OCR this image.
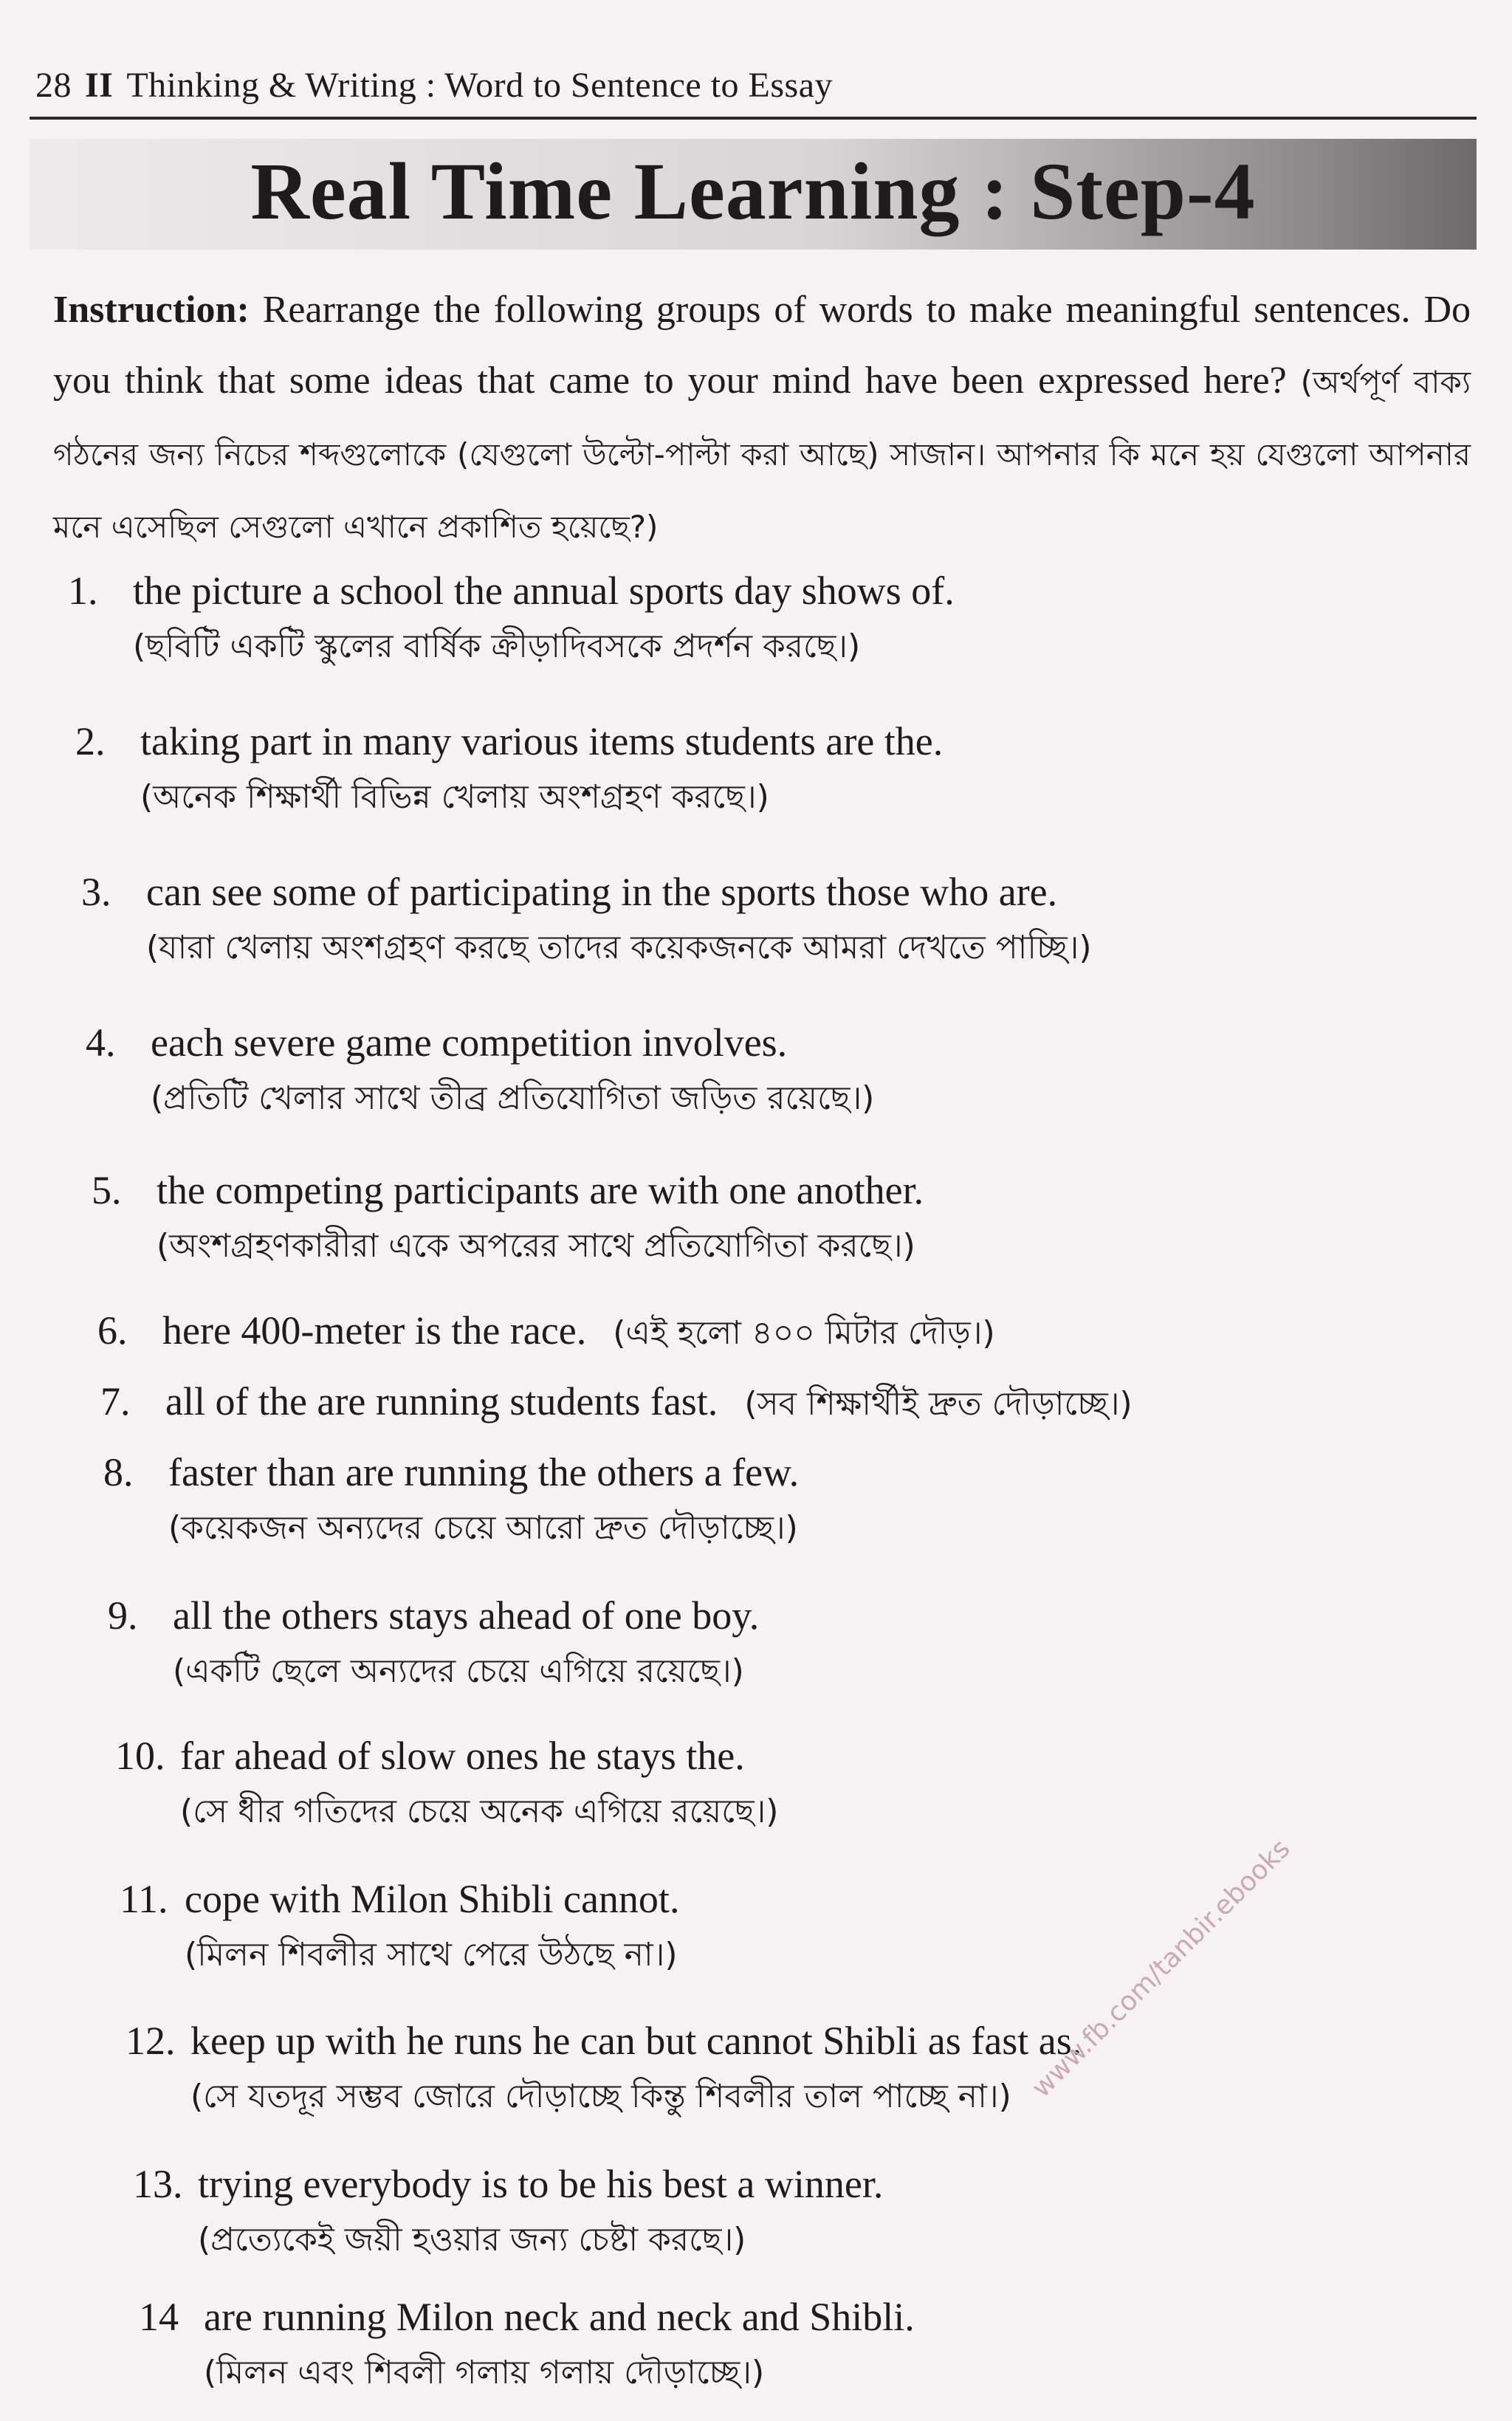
28 II Thinking & Writing : Word to Sentence to Essay
Real Time Learning : Step-4
Instruction: Rearrange the following groups of words to make meaningful sentences. Do you think that some ideas that came to your mind have been expressed here? (অর্থপূর্ণ বাক্য গঠনের জন্য নিচের শব্দগুলোকে (যেগুলো উল্টো-পাল্টা করা আছে) সাজান। আপনার কি মনে হয় যেগুলো আপনার মনে এসেছিল সেগুলো এখানে প্রকাশিত হয়েছে?)
1. the picture a school the annual sports day shows of.
(ছবিটি একটি স্কুলের বার্ষিক ক্রীড়াদিবসকে প্রদর্শন করছে।)
2. taking part in many various items students are the.
(অনেক শিক্ষার্থী বিভিন্ন খেলায় অংশগ্রহণ করছে।)
3. can see some of participating in the sports those who are.
(যারা খেলায় অংশগ্রহণ করছে তাদের কয়েকজনকে আমরা দেখতে পাচ্ছি।)
4. each severe game competition involves.
(প্রতিটি খেলার সাথে তীব্র প্রতিযোগিতা জড়িত রয়েছে।)
5. the competing participants are with one another.
(অংশগ্রহণকারীরা একে অপরের সাথে প্রতিযোগিতা করছে।)
6. here 400-meter is the race. (এই হলো ৪০০ মিটার দৌড়।)
7. all of the are running students fast. (সব শিক্ষার্থীই দ্রুত দৌড়াচ্ছে।)
8. faster than are running the others a few.
(কয়েকজন অন্যদের চেয়ে আরো দ্রুত দৌড়াচ্ছে।)
9. all the others stays ahead of one boy.
(একটি ছেলে অন্যদের চেয়ে এগিয়ে রয়েছে।)
10. far ahead of slow ones he stays the.
(সে ধীর গতিদের চেয়ে অনেক এগিয়ে রয়েছে।)
11. cope with Milon Shibli cannot.
(মিলন শিবলীর সাথে পেরে উঠছে না।)
12. keep up with he runs he can but cannot Shibli as fast as.
(সে যতদূর সম্ভব জোরে দৌড়াচ্ছে কিন্তু শিবলীর তাল পাচ্ছে না।)
13. trying everybody is to be his best a winner.
(প্রত্যেকেই জয়ী হওয়ার জন্য চেষ্টা করছে।)
14 are running Milon neck and neck and Shibli.
(মিলন এবং শিবলী গলায় গলায় দৌড়াচ্ছে।)
www.fb.com/tanbir.ebooks
